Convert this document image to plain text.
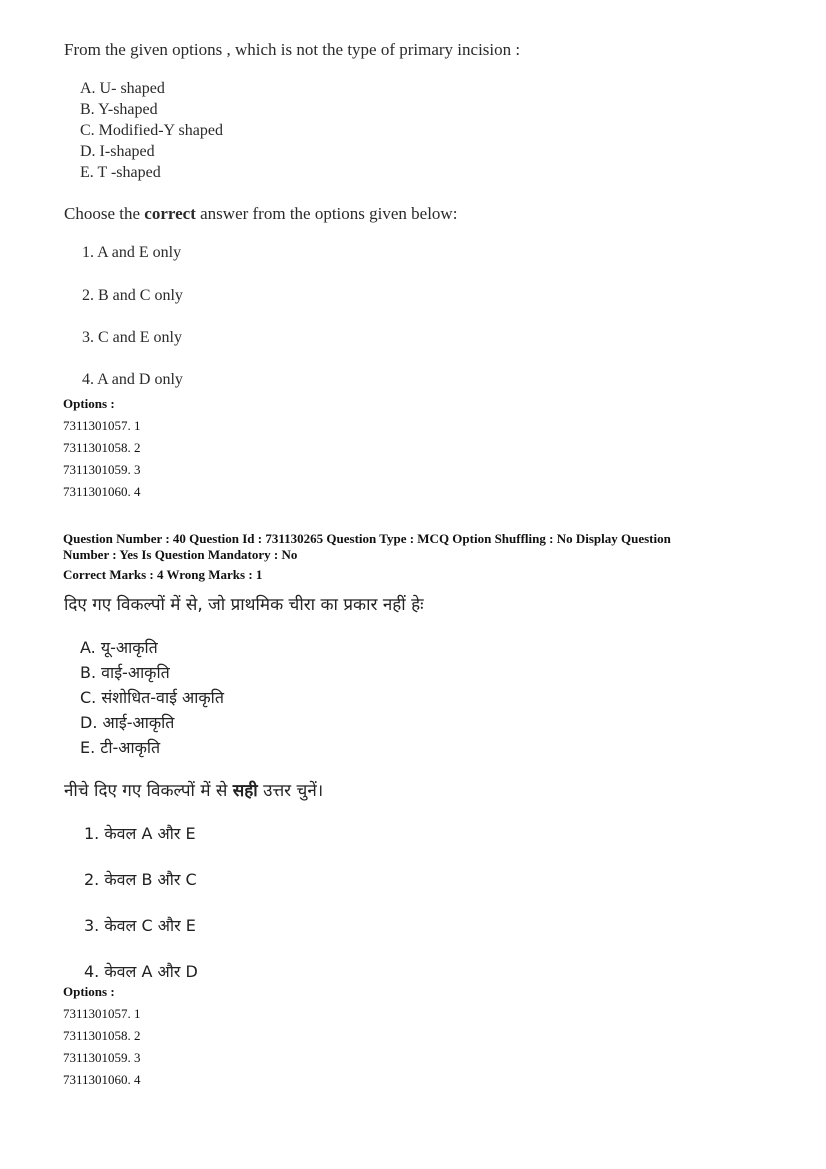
From the given options , which is not the type of primary incision :
A. U- shaped
B. Y-shaped
C. Modified-Y shaped
D. I-shaped
E. T -shaped
Choose the correct answer from the options given below:
1. A and E only
2. B and C only
3. C and E only
4. A and D only
Options :
7311301057. 1
7311301058. 2
7311301059. 3
7311301060. 4
Question Number : 40 Question Id : 731130265 Question Type : MCQ Option Shuffling : No Display Question
Number : Yes Is Question Mandatory : No
Correct Marks : 4 Wrong Marks : 1
दिए गए विकल्पों में से, जो प्राथमिक चीरा का प्रकार नहीं हेः
A. यू-आकृति
B. वाई-आकृति
C. संशोधित-वाई आकृति
D. आई-आकृति
E. टी-आकृति
नीचे दिए गए विकल्पों में से सही उत्तर चुनें।
1. केवल A और E
2. केवल B और C
3. केवल C और E
4. केवल A और D
Options :
7311301057. 1
7311301058. 2
7311301059. 3
7311301060. 4
